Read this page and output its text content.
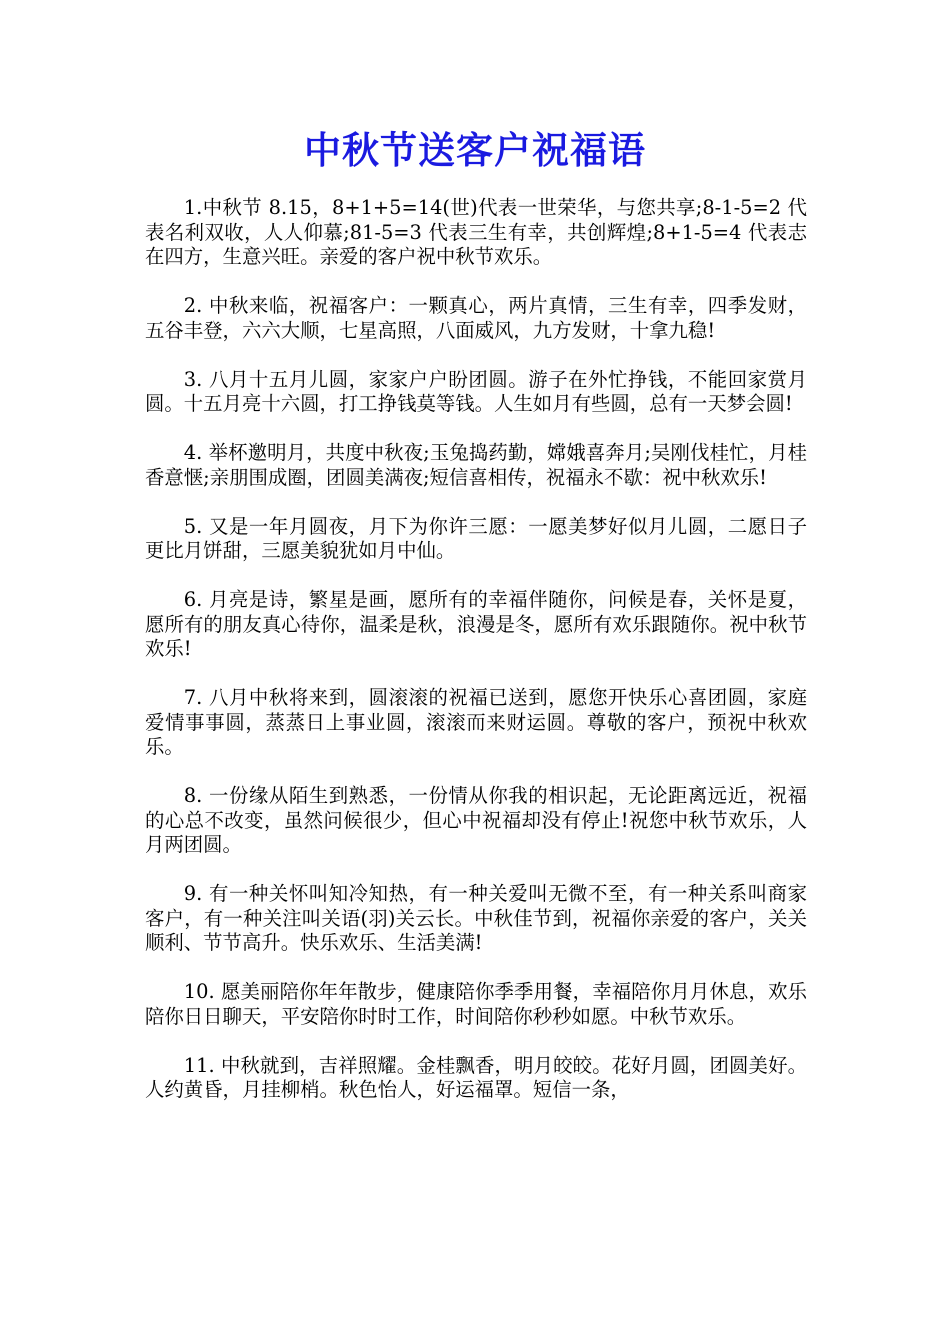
中秋节送客户祝福语

1.中秋节 8.15，8+1+5=14(世)代表一世荣华，与您共享;8-1-5=2 代表名利双收，人人仰慕;81-5=3 代表三生有幸，共创辉煌;8+1-5=4 代表志在四方，生意兴旺。亲爱的客户祝中秋节欢乐。

2. 中秋来临，祝福客户：一颗真心，两片真情，三生有幸，四季发财，五谷丰登，六六大顺，七星高照，八面威风，九方发财，十拿九稳!

3. 八月十五月儿圆，家家户户盼团圆。游子在外忙挣钱，不能回家赏月圆。十五月亮十六圆，打工挣钱莫等钱。人生如月有些圆，总有一天梦会圆!

4. 举杯邀明月，共度中秋夜;玉兔捣药勤，嫦娥喜奔月;吴刚伐桂忙，月桂香意惬;亲朋围成圈，团圆美满夜;短信喜相传，祝福永不歇：祝中秋欢乐!

5. 又是一年月圆夜，月下为你许三愿：一愿美梦好似月儿圆，二愿日子更比月饼甜，三愿美貌犹如月中仙。

6. 月亮是诗，繁星是画，愿所有的幸福伴随你，问候是春，关怀是夏，愿所有的朋友真心待你，温柔是秋，浪漫是冬，愿所有欢乐跟随你。祝中秋节欢乐!

7. 八月中秋将来到，圆滚滚的祝福已送到，愿您开快乐心喜团圆，家庭爱情事事圆，蒸蒸日上事业圆，滚滚而来财运圆。尊敬的客户，预祝中秋欢乐。

8. 一份缘从陌生到熟悉，一份情从你我的相识起，无论距离远近，祝福的心总不改变，虽然问候很少，但心中祝福却没有停止!祝您中秋节欢乐，人月两团圆。

9. 有一种关怀叫知冷知热，有一种关爱叫无微不至，有一种关系叫商家客户，有一种关注叫关语(羽)关云长。中秋佳节到，祝福你亲爱的客户，关关顺利、节节高升。快乐欢乐、生活美满!

10. 愿美丽陪你年年散步，健康陪你季季用餐，幸福陪你月月休息，欢乐陪你日日聊天，平安陪你时时工作，时间陪你秒秒如愿。中秋节欢乐。

11. 中秋就到，吉祥照耀。金桂飘香，明月皎皎。花好月圆，团圆美好。人约黄昏，月挂柳梢。秋色怡人，好运福罩。短信一条，
